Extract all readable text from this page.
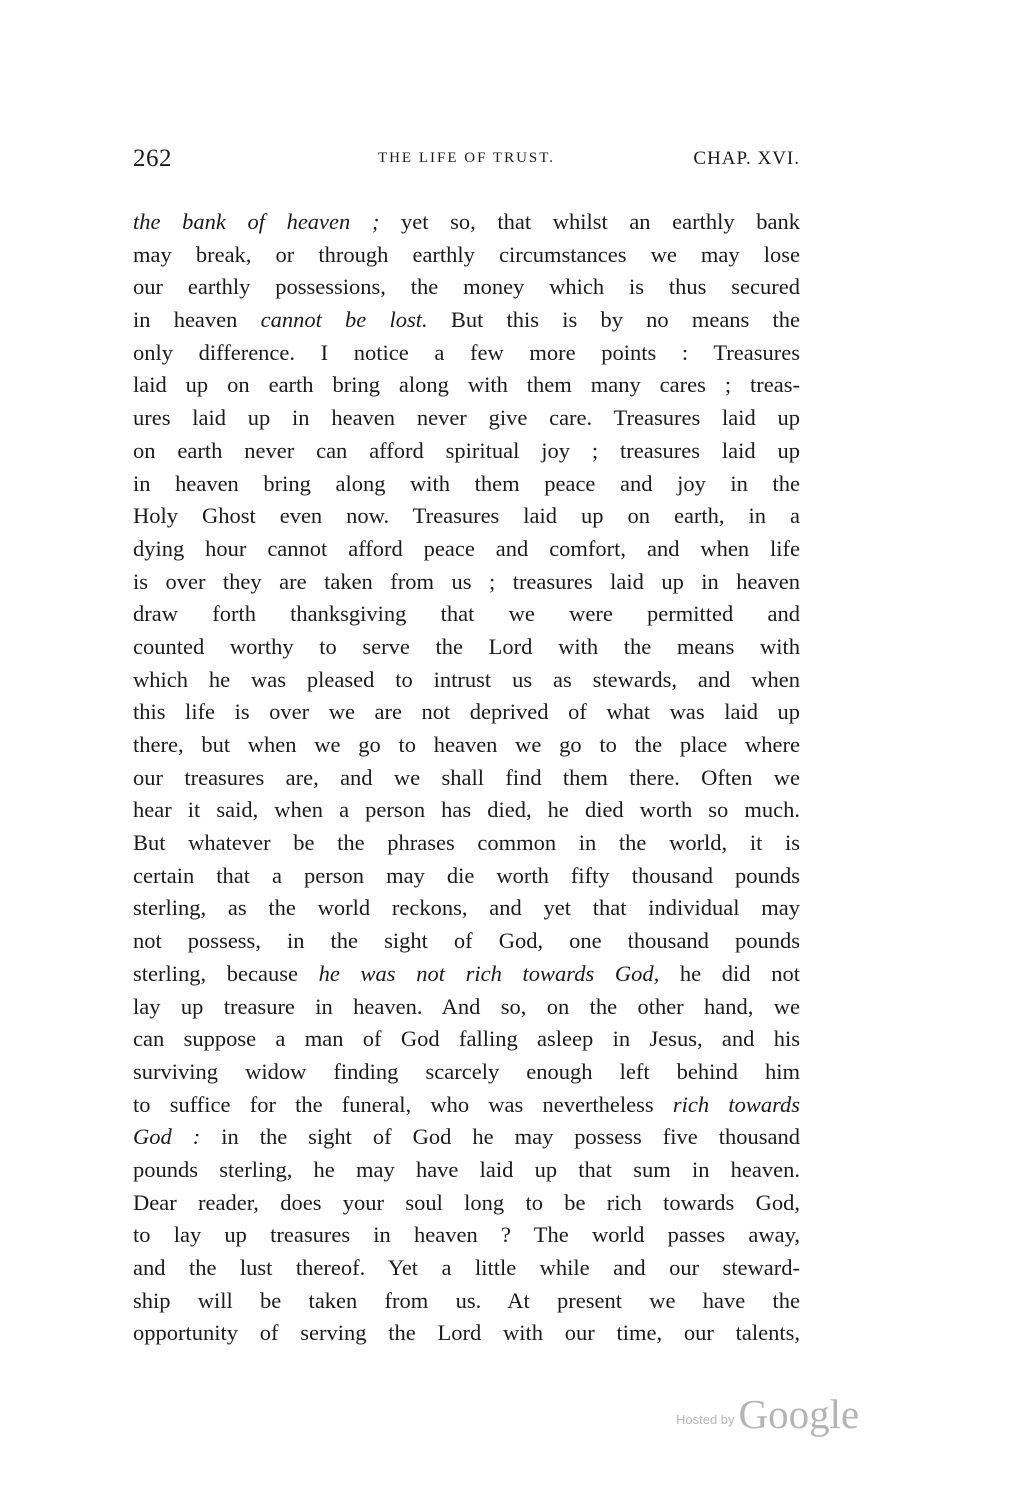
262	THE LIFE OF TRUST.	CHAP. XVI.
the bank of heaven ; yet so, that whilst an earthly bank
may break, or through earthly circumstances we may lose
our earthly possessions, the money which is thus secured
in heaven cannot be lost. But this is by no means the
only difference. I notice a few more points : Treasures
laid up on earth bring along with them many cares ; treas-
ures laid up in heaven never give care. Treasures laid up
on earth never can afford spiritual joy ; treasures laid up
in heaven bring along with them peace and joy in the
Holy Ghost even now. Treasures laid up on earth, in a
dying hour cannot afford peace and comfort, and when life
is over they are taken from us ; treasures laid up in heaven
draw forth thanksgiving that we were permitted and
counted worthy to serve the Lord with the means with
which he was pleased to intrust us as stewards, and when
this life is over we are not deprived of what was laid up
there, but when we go to heaven we go to the place where
our treasures are, and we shall find them there. Often we
hear it said, when a person has died, he died worth so much.
But whatever be the phrases common in the world, it is
certain that a person may die worth fifty thousand pounds
sterling, as the world reckons, and yet that individual may
not possess, in the sight of God, one thousand pounds
sterling, because he was not rich towards God, he did not
lay up treasure in heaven. And so, on the other hand, we
can suppose a man of God falling asleep in Jesus, and his
surviving widow finding scarcely enough left behind him
to suffice for the funeral, who was nevertheless rich towards
God : in the sight of God he may possess five thousand
pounds sterling, he may have laid up that sum in heaven.
Dear reader, does your soul long to be rich towards God,
to lay up treasures in heaven ? The world passes away,
and the lust thereof. Yet a little while and our steward-
ship will be taken from us. At present we have the
opportunity of serving the Lord with our time, our talents,
$^{Hosted by}$Google
